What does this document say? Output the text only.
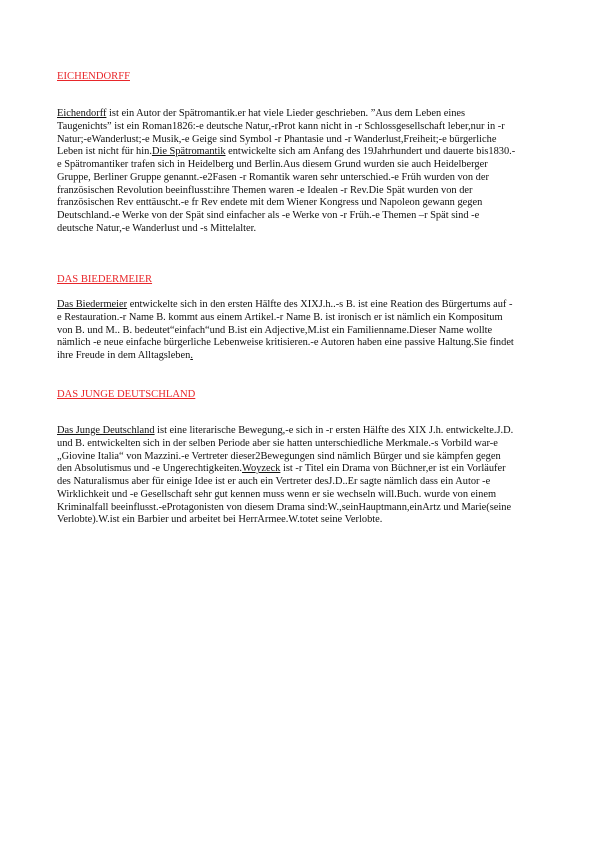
EICHENDORFF
Eichendorff ist ein Autor der Spätromantik.er hat viele Lieder geschrieben. ”Aus dem Leben eines Taugenichts” ist ein Roman1826:-e deutsche Natur,-rProt kann nicht in -r Schlossgesellschaft leber,nur in -r Natur;-eWanderlust;-e Musik,-e Geige sind Symbol -r Phantasie und -r Wanderlust,Freiheit;-e bürgerliche Leben ist nicht für hin.Die Spätromantik entwickelte sich am Anfang des 19Jahrhundert und dauerte bis1830.-e Spätromantiker trafen sich in Heidelberg und Berlin.Aus diesem Grund wurden sie auch Heidelberger Gruppe, Berliner Gruppe genannt.-e2Fasen -r Romantik waren sehr unterschied.-e Früh wurden von der französischen Revolution beeinflusst:ihre Themen waren -e Idealen -r Rev.Die Spät wurden von der französischen Rev enttäuscht.-e fr Rev endete mit dem Wiener Kongress und Napoleon gewann gegen Deutschland.-e Werke von der Spät sind einfacher als -e Werke von -r Früh.-e Themen –r Spät sind -e deutsche Natur,-e Wanderlust und -s Mittelalter.
DAS BIEDERMEIER
Das Biedermeier entwickelte sich in den ersten Hälfte des XIXJ.h..-s B. ist eine Reation des Bürgertums auf -e Restauration.-r Name B. kommt aus einem Artikel.-r Name B. ist ironisch er ist nämlich ein Kompositum von B. und M.. B. bedeutet“einfach“und B.ist ein Adjective,M.ist ein Familienname.Dieser Name wollte nämlich -e neue einfache bürgerliche Lebenweise kritisieren.-e Autoren haben eine passive Haltung.Sie findet ihre Freude in dem Alltagsleben.
DAS JUNGE DEUTSCHLAND
Das Junge Deutschland ist eine literarische Bewegung,-e sich in -r ersten Hälfte des XIX J.h. entwickelte.J.D. und B. entwickelten sich in der selben Periode aber sie hatten unterschiedliche Merkmale.-s Vorbild war-e „Giovine Italia“ von Mazzini.-e Vertreter dieser2Bewegungen sind nämlich Bürger und sie kämpfen gegen den Absolutismus und -e Ungerechtigkeiten.Woyzeck ist -r Titel ein Drama von Büchner,er ist ein Vorläufer des Naturalismus aber für einige Idee ist er auch ein Vertreter desJ.D..Er sagte nämlich dass ein Autor -e Wirklichkeit und -e Gesellschaft sehr gut kennen muss wenn er sie wechseln will.Buch. wurde von einem Kriminalfall beeinflusst.-eProtagonisten von diesem Drama sind:W.,seinHauptmann,einArtz und Marie(seine Verlobte).W.ist ein Barbier und arbeitet bei HerrArmee.W.totet seine Verlobte.
